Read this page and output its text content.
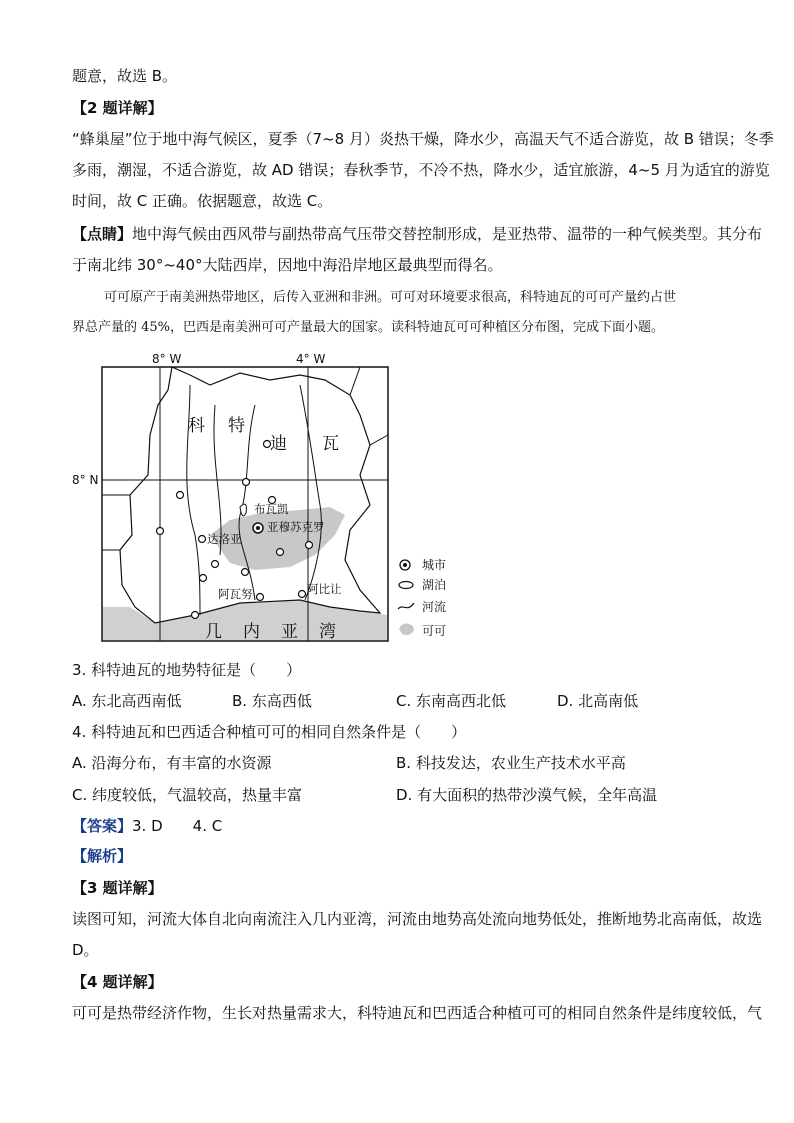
题意，故选 B。
【2 题详解】
“蜂巢屋”位于地中海气候区，夏季（7~8 月）炎热干燥，降水少，高温天气不适合游览，故 B 错误；冬季
多雨，潮湿，不适合游览，故 AD 错误；春秋季节，不冷不热，降水少，适宜旅游，4~5 月为适宜的游览
时间，故 C 正确。依据题意，故选 C。
【点睛】地中海气候由西风带与副热带高气压带交替控制形成，是亚热带、温带的一种气候类型。其分布
于南北纬 30°~40°大陆西岸，因地中海沿岸地区最典型而得名。
可可原产于南美洲热带地区，后传入亚洲和非洲。可可对环境要求很高，科特迪瓦的可可产量约占世
界总产量的 45%，巴西是南美洲可可产量最大的国家。读科特迪瓦可可种植区分布图，完成下面小题。
8° W	4° W
8° N
科 特
迪 瓦
几 内 亚 湾
布瓦凯
亚穆苏克罗
达洛亚
阿瓦努	阿比让
城市
湖泊
河流
可可
3. 科特迪瓦的地势特征是（　　）
A. 东北高西南低	B. 东高西低	C. 东南高西北低	D. 北高南低
4. 科特迪瓦和巴西适合种植可可的相同自然条件是（　　）
A. 沿海分布，有丰富的水资源	B. 科技发达，农业生产技术水平高
C. 纬度较低，气温较高，热量丰富	D. 有大面积的热带沙漠气候，全年高温
【答案】3. D　　4. C
【解析】
【3 题详解】
读图可知，河流大体自北向南流注入几内亚湾，河流由地势高处流向地势低处，推断地势北高南低，故选
D。
【4 题详解】
可可是热带经济作物，生长对热量需求大，科特迪瓦和巴西适合种植可可的相同自然条件是纬度较低，气
